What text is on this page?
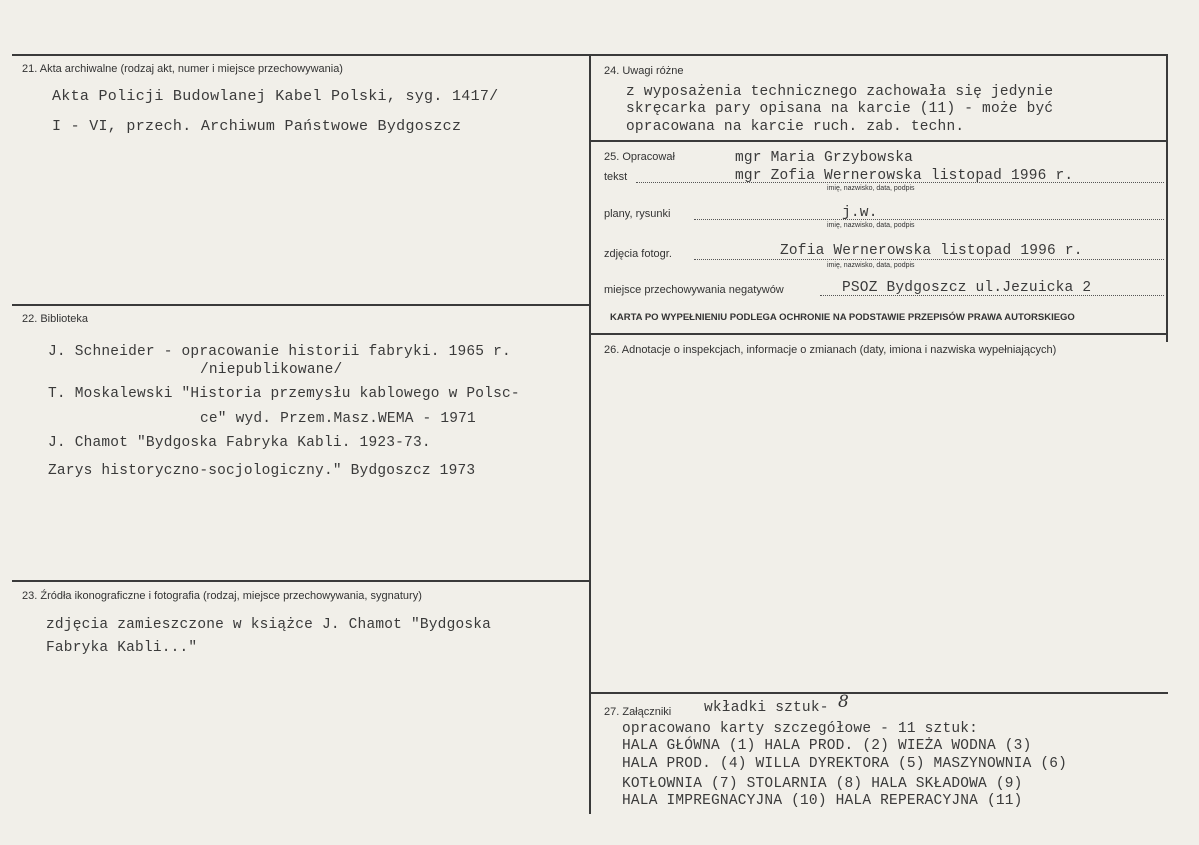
21. Akta archiwalne (rodzaj akt, numer i miejsce przechowywania)
Akta Policji Budowlanej Kabel Polski, syg. 1417/
I - VI, przech. Archiwum Państwowe Bydgoszcz
22. Biblioteka
J. Schneider - opracowanie historii fabryki. 1965 r.
/niepublikowane/
T. Moskalewski "Historia przemysłu kablowego w Polsc-
ce" wyd. Przem.Masz.WEMA - 1971
J. Chamot "Bydgoska Fabryka Kabli. 1923-73.
Zarys historyczno-socjologiczny." Bydgoszcz 1973
23. Źródła ikonograficzne i fotografia (rodzaj, miejsce przechowywania, sygnatury)
zdjęcia zamieszczone w książce J. Chamot "Bydgoska
Fabryka Kabli..."
24. Uwagi różne
z wyposażenia technicznego zachowała się jedynie
skręcarka pary opisana na karcie (11) - może być
opracowana na karcie ruch. zab. techn.
25. Opracował	mgr Maria Grzybowska
tekst	mgr Zofia Wernerowska listopad 1996 r.
imię, nazwisko, data, podpis
plany, rysunki	j.w.
imię, nazwisko, data, podpis
zdjęcia fotogr.	Zofia Wernerowska listopad 1996 r.
imię, nazwisko, data, podpis
miejsce przechowywania negatywów	PSOZ Bydgoszcz ul.Jezuicka 2
KARTA PO WYPEŁNIENIU PODLEGA OCHRONIE NA PODSTAWIE PRZEPISÓW PRAWA AUTORSKIEGO
26. Adnotacje o inspekcjach, informacje o zmianach (daty, imiona i nazwiska wypełniających)
27. Załączniki wkładki sztuk- 8
opracowano karty szczegółowe - 11 sztuk:
HALA GŁÓWNA (1) HALA PROD. (2) WIEŻA WODNA (3)
HALA PROD. (4) WILLA DYREKTORA (5) MASZYNOWNIA (6)
KOTŁOWNIA (7) STOLARNIA (8) HALA SKŁADOWA (9)
HALA IMPREGNACYJNA (10) HALA REPERACYJNA (11)
